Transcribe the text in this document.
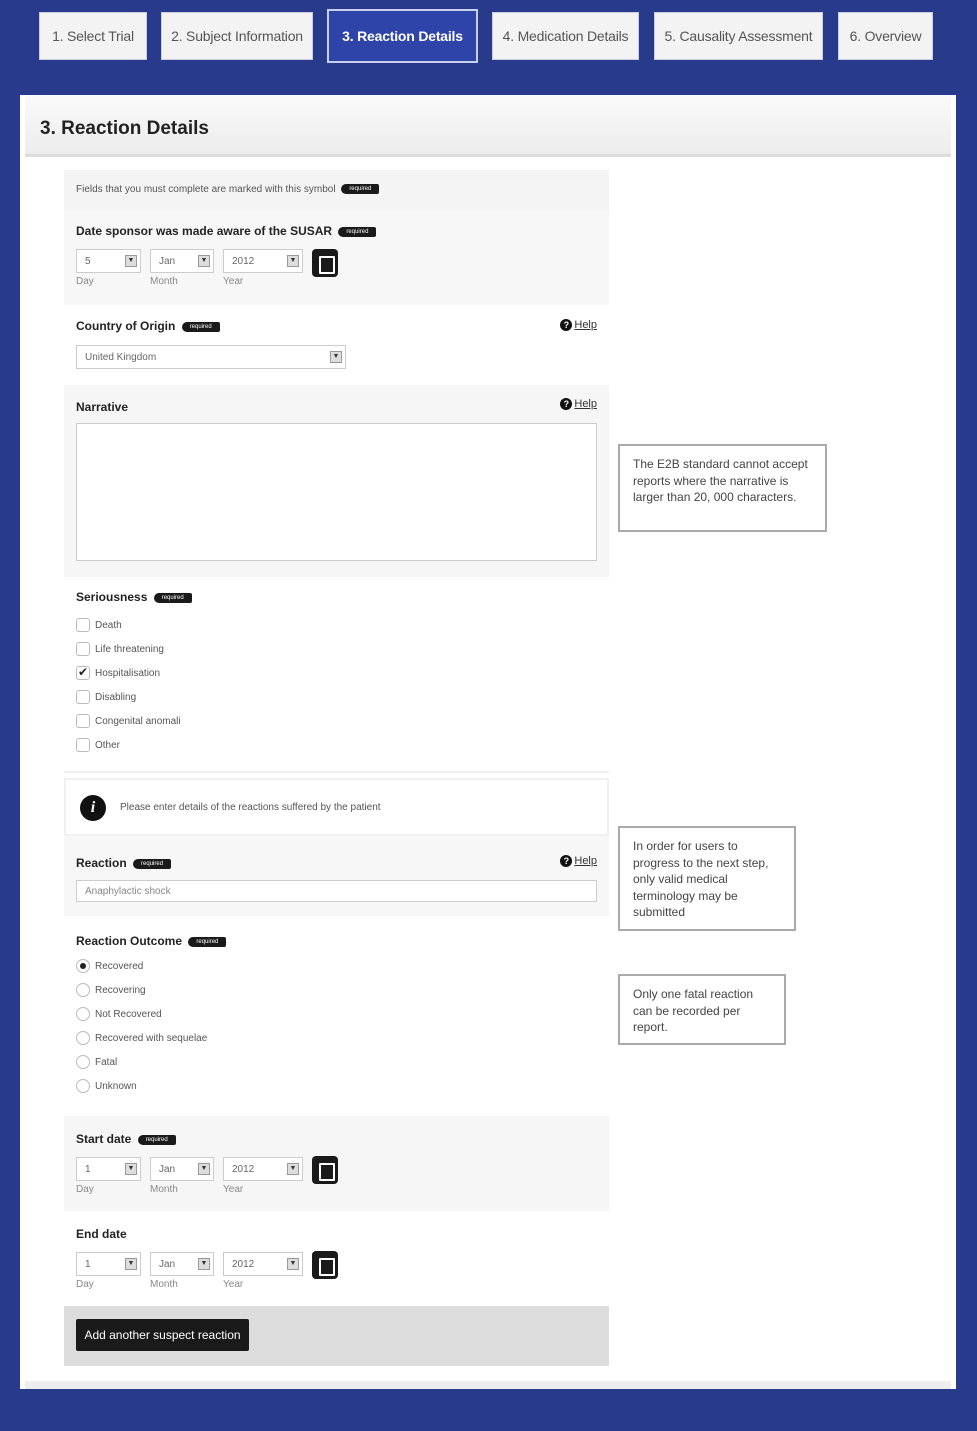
1. Select Trial	2. Subject Information	3. Reaction Details	4. Medication Details	5. Causality Assessment	6. Overview
3. Reaction Details
Fields that you must complete are marked with this symbol required
Date sponsor was made aware of the SUSAR required
5	▼	Jan	▼	2012	▼
Day	Month	Year
Country of Origin required	? Help
United Kingdom	▼
Narrative	? Help
Seriousness required
Death
Life threatening
✔
Hospitalisation
Disabling
Congenital anomali
Other
i	Please enter details of the reactions suffered by the patient
Reaction required	? Help
Anaphylactic shock
Reaction Outcome required
Recovered
Recovering
Not Recovered
Recovered with sequelae
Fatal
Unknown
Start date required
1	▼	Jan	▼	2012	▼
Day	Month	Year
End date
1	▼	Jan	▼	2012	▼
Day	Month	Year
Add another suspect reaction
The E2B standard cannot accept reports where the narrative is larger than 20, 000 characters.
In order for users to progress to the next step, only valid medical terminology may be submitted
Only one fatal reaction can be recorded per report.
